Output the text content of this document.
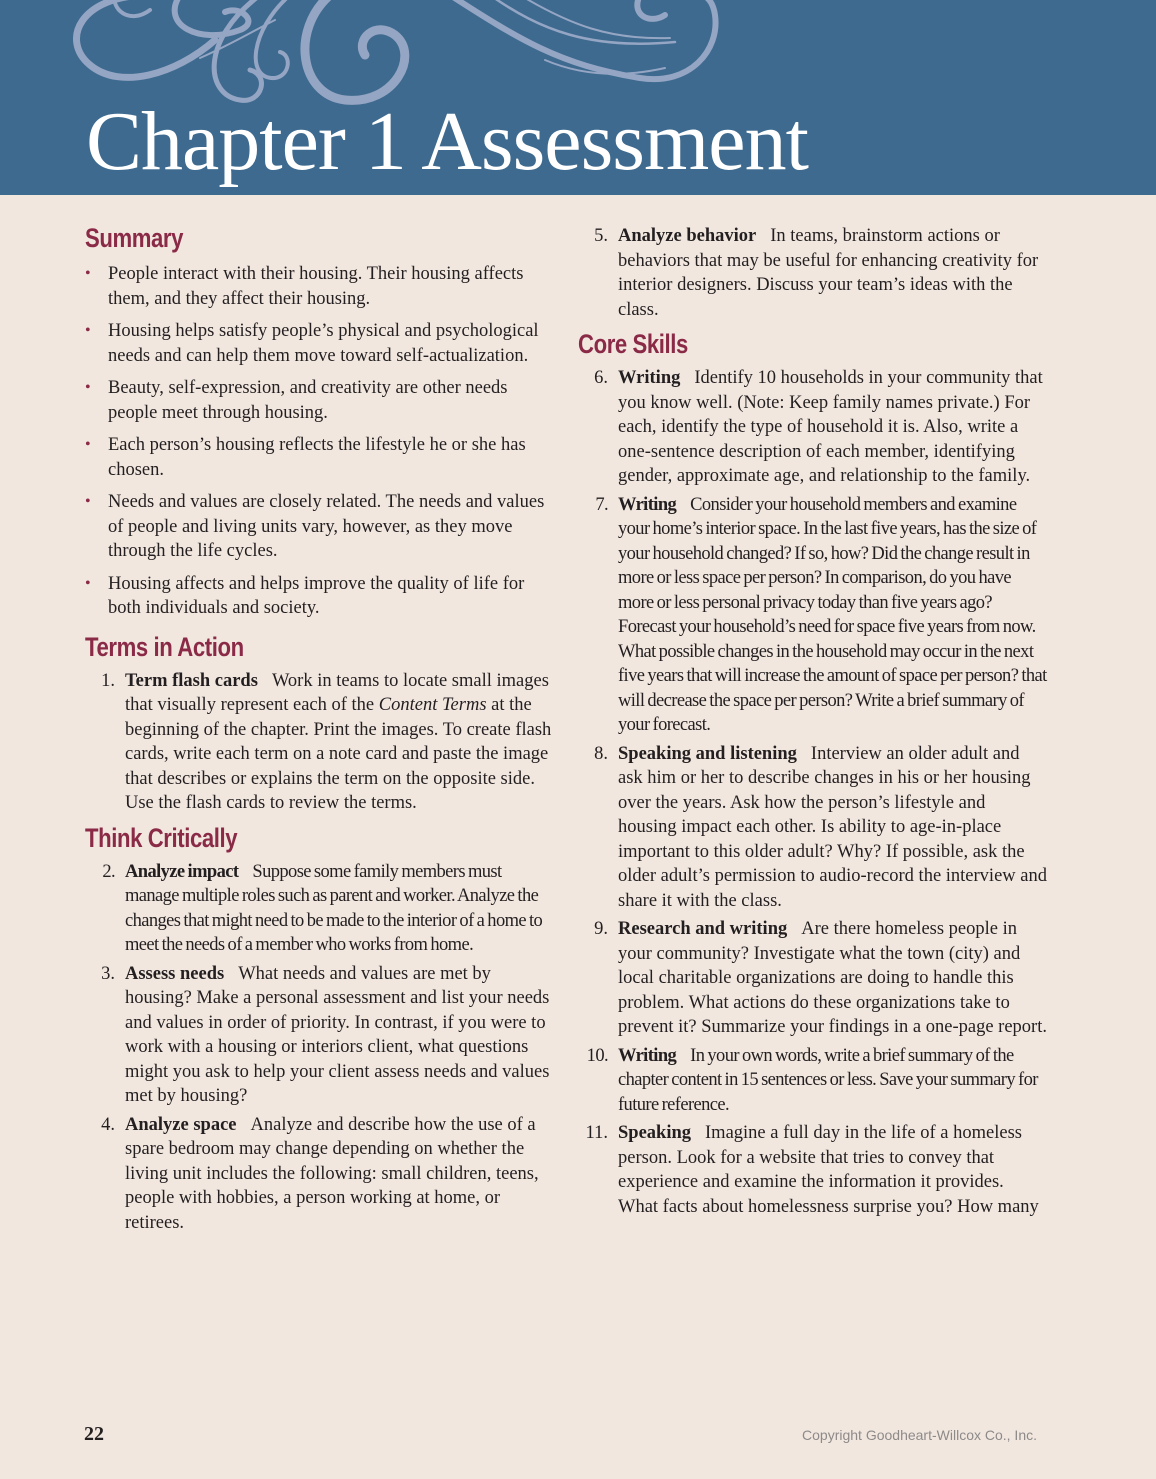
Chapter 1 Assessment
Summary
• People interact with their housing. Their housing affects them, and they affect their housing.
• Housing helps satisfy people’s physical and psychological needs and can help them move toward self-actualization.
• Beauty, self-expression, and creativity are other needs people meet through housing.
• Each person’s housing reflects the lifestyle he or she has chosen.
• Needs and values are closely related. The needs and values of people and living units vary, however, as they move through the life cycles.
• Housing affects and helps improve the quality of life for both individuals and society.
Terms in Action
1. Term flash cards Work in teams to locate small images that visually represent each of the Content Terms at the beginning of the chapter. Print the images. To create flash cards, write each term on a note card and paste the image that describes or explains the term on the opposite side. Use the flash cards to review the terms.
Think Critically
2. Analyze impact Suppose some family members must manage multiple roles such as parent and worker. Analyze the changes that might need to be made to the interior of a home to meet the needs of a member who works from home.
3. Assess needs What needs and values are met by housing? Make a personal assessment and list your needs and values in order of priority. In contrast, if you were to work with a housing or interiors client, what questions might you ask to help your client assess needs and values met by housing?
4. Analyze space Analyze and describe how the use of a spare bedroom may change depending on whether the living unit includes the following: small children, teens, people with hobbies, a person working at home, or retirees.
5. Analyze behavior In teams, brainstorm actions or behaviors that may be useful for enhancing creativity for interior designers. Discuss your team’s ideas with the class.
Core Skills
6. Writing Identify 10 households in your community that you know well. (Note: Keep family names private.) For each, identify the type of household it is. Also, write a one-sentence description of each member, identifying gender, approximate age, and relationship to the family.
7. Writing Consider your household members and examine your home’s interior space. In the last five years, has the size of your household changed? If so, how? Did the change result in more or less space per person? In comparison, do you have more or less personal privacy today than five years ago? Forecast your household’s need for space five years from now. What possible changes in the household may occur in the next five years that will increase the amount of space per person? that will decrease the space per person? Write a brief summary of your forecast.
8. Speaking and listening Interview an older adult and ask him or her to describe changes in his or her housing over the years. Ask how the person’s lifestyle and housing impact each other. Is ability to age-in-place important to this older adult? Why? If possible, ask the older adult’s permission to audio-record the interview and share it with the class.
9. Research and writing Are there homeless people in your community? Investigate what the town (city) and local charitable organizations are doing to handle this problem. What actions do these organizations take to prevent it? Summarize your findings in a one-page report.
10. Writing In your own words, write a brief summary of the chapter content in 15 sentences or less. Save your summary for future reference.
11. Speaking Imagine a full day in the life of a homeless person. Look for a website that tries to convey that experience and examine the information it provides. What facts about homelessness surprise you? How many
22	Copyright Goodheart-Willcox Co., Inc.
